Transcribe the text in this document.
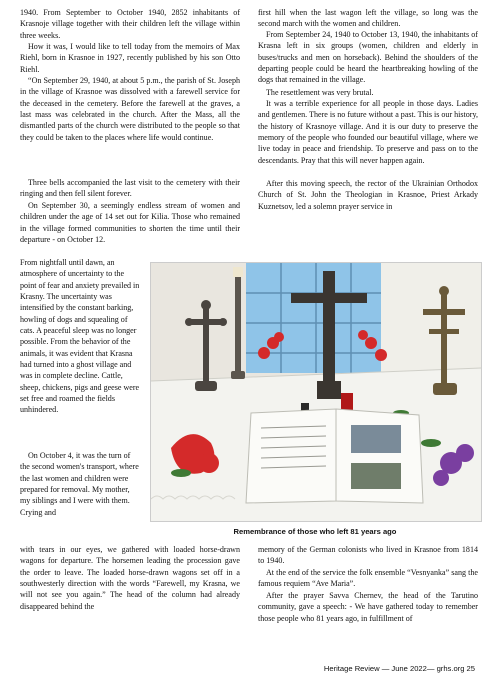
1940. From September to October 1940, 2852 inhabitants of Krasnoje village together with their children left the village within three weeks.

How it was, I would like to tell today from the memoirs of Max Riehl, born in Krasnoe in 1927, recently published by his son Otto Riehl.

“On September 29, 1940, at about 5 p.m., the parish of St. Joseph in the village of Krasnoe was dissolved with a farewell service for the deceased in the cemetery. Before the farewell at the graves, a last mass was celebrated in the church. After the Mass, all the dismantled parts of the church were distributed to the people so that they could be taken to the places where life would continue.

Three bells accompanied the last visit to the cemetery with their ringing and then fell silent forever.

On September 30, a seemingly endless stream of women and children under the age of 14 set out for Kilia. Those who remained in the village formed communities to shorten the time until their departure - on October 12.

first hill when the last wagon left the village, so long was the second march with the women and children.

From September 24, 1940 to October 13, 1940, the inhabitants of Krasna left in six groups (women, children and elderly in buses/trucks and men on horseback). Behind the shoulders of the departing people could be heard the heartbreaking howling of the dogs that remained in the village.

The resettlement was very brutal.

It was a terrible experience for all people in those days. Ladies and gentlemen. There is no future without a past. This is our history, the history of Krasnoye village. And it is our duty to preserve the memory of the people who founded our beautiful village, where we live today in peace and friendship. To preserve and pass on to the descendants. Pray that this will never happen again.

After this moving speech, the rector of the Ukrainian Orthodox Church of St. John the Theologian in Krasnoe, Priest Arkady Kuznetsov, led a solemn prayer service in

From nightfall until dawn, an atmosphere of uncertainty to the point of fear and anxiety prevailed in Krasny. The uncertainty was intensified by the constant barking, howling of dogs and squealing of cats. A peaceful sleep was no longer possible. From the behavior of the animals, it was evident that Krasna had turned into a ghost village and was in complete decline. Cattle, sheep, chickens, pigs and geese were set free and roamed the fields unhindered.

On October 4, it was the turn of the second women's transport, where the last women and children were prepared for removal. My mother, my siblings and I were with them. Crying and

Remembrance of those who left 81 years ago

with tears in our eyes, we gathered with loaded horse-drawn wagons for departure. The horsemen leading the procession gave the order to leave. The loaded horse-drawn wagons set off in a southwesterly direction with the words “Farewell, my Krasna, we will not see you again.” The head of the column had already disappeared behind the

memory of the German colonists who lived in Krasnoe from 1814 to 1940.

At the end of the service the folk ensemble “Vesnyanka” sang the famous requiem “Ave Maria”.

After the prayer Savva Chernev, the head of the Tarutino community, gave a speech: - We have gathered today to remember those people who 81 years ago, in fulfillment of

Heritage Review — June 2022— grhs.org 25
